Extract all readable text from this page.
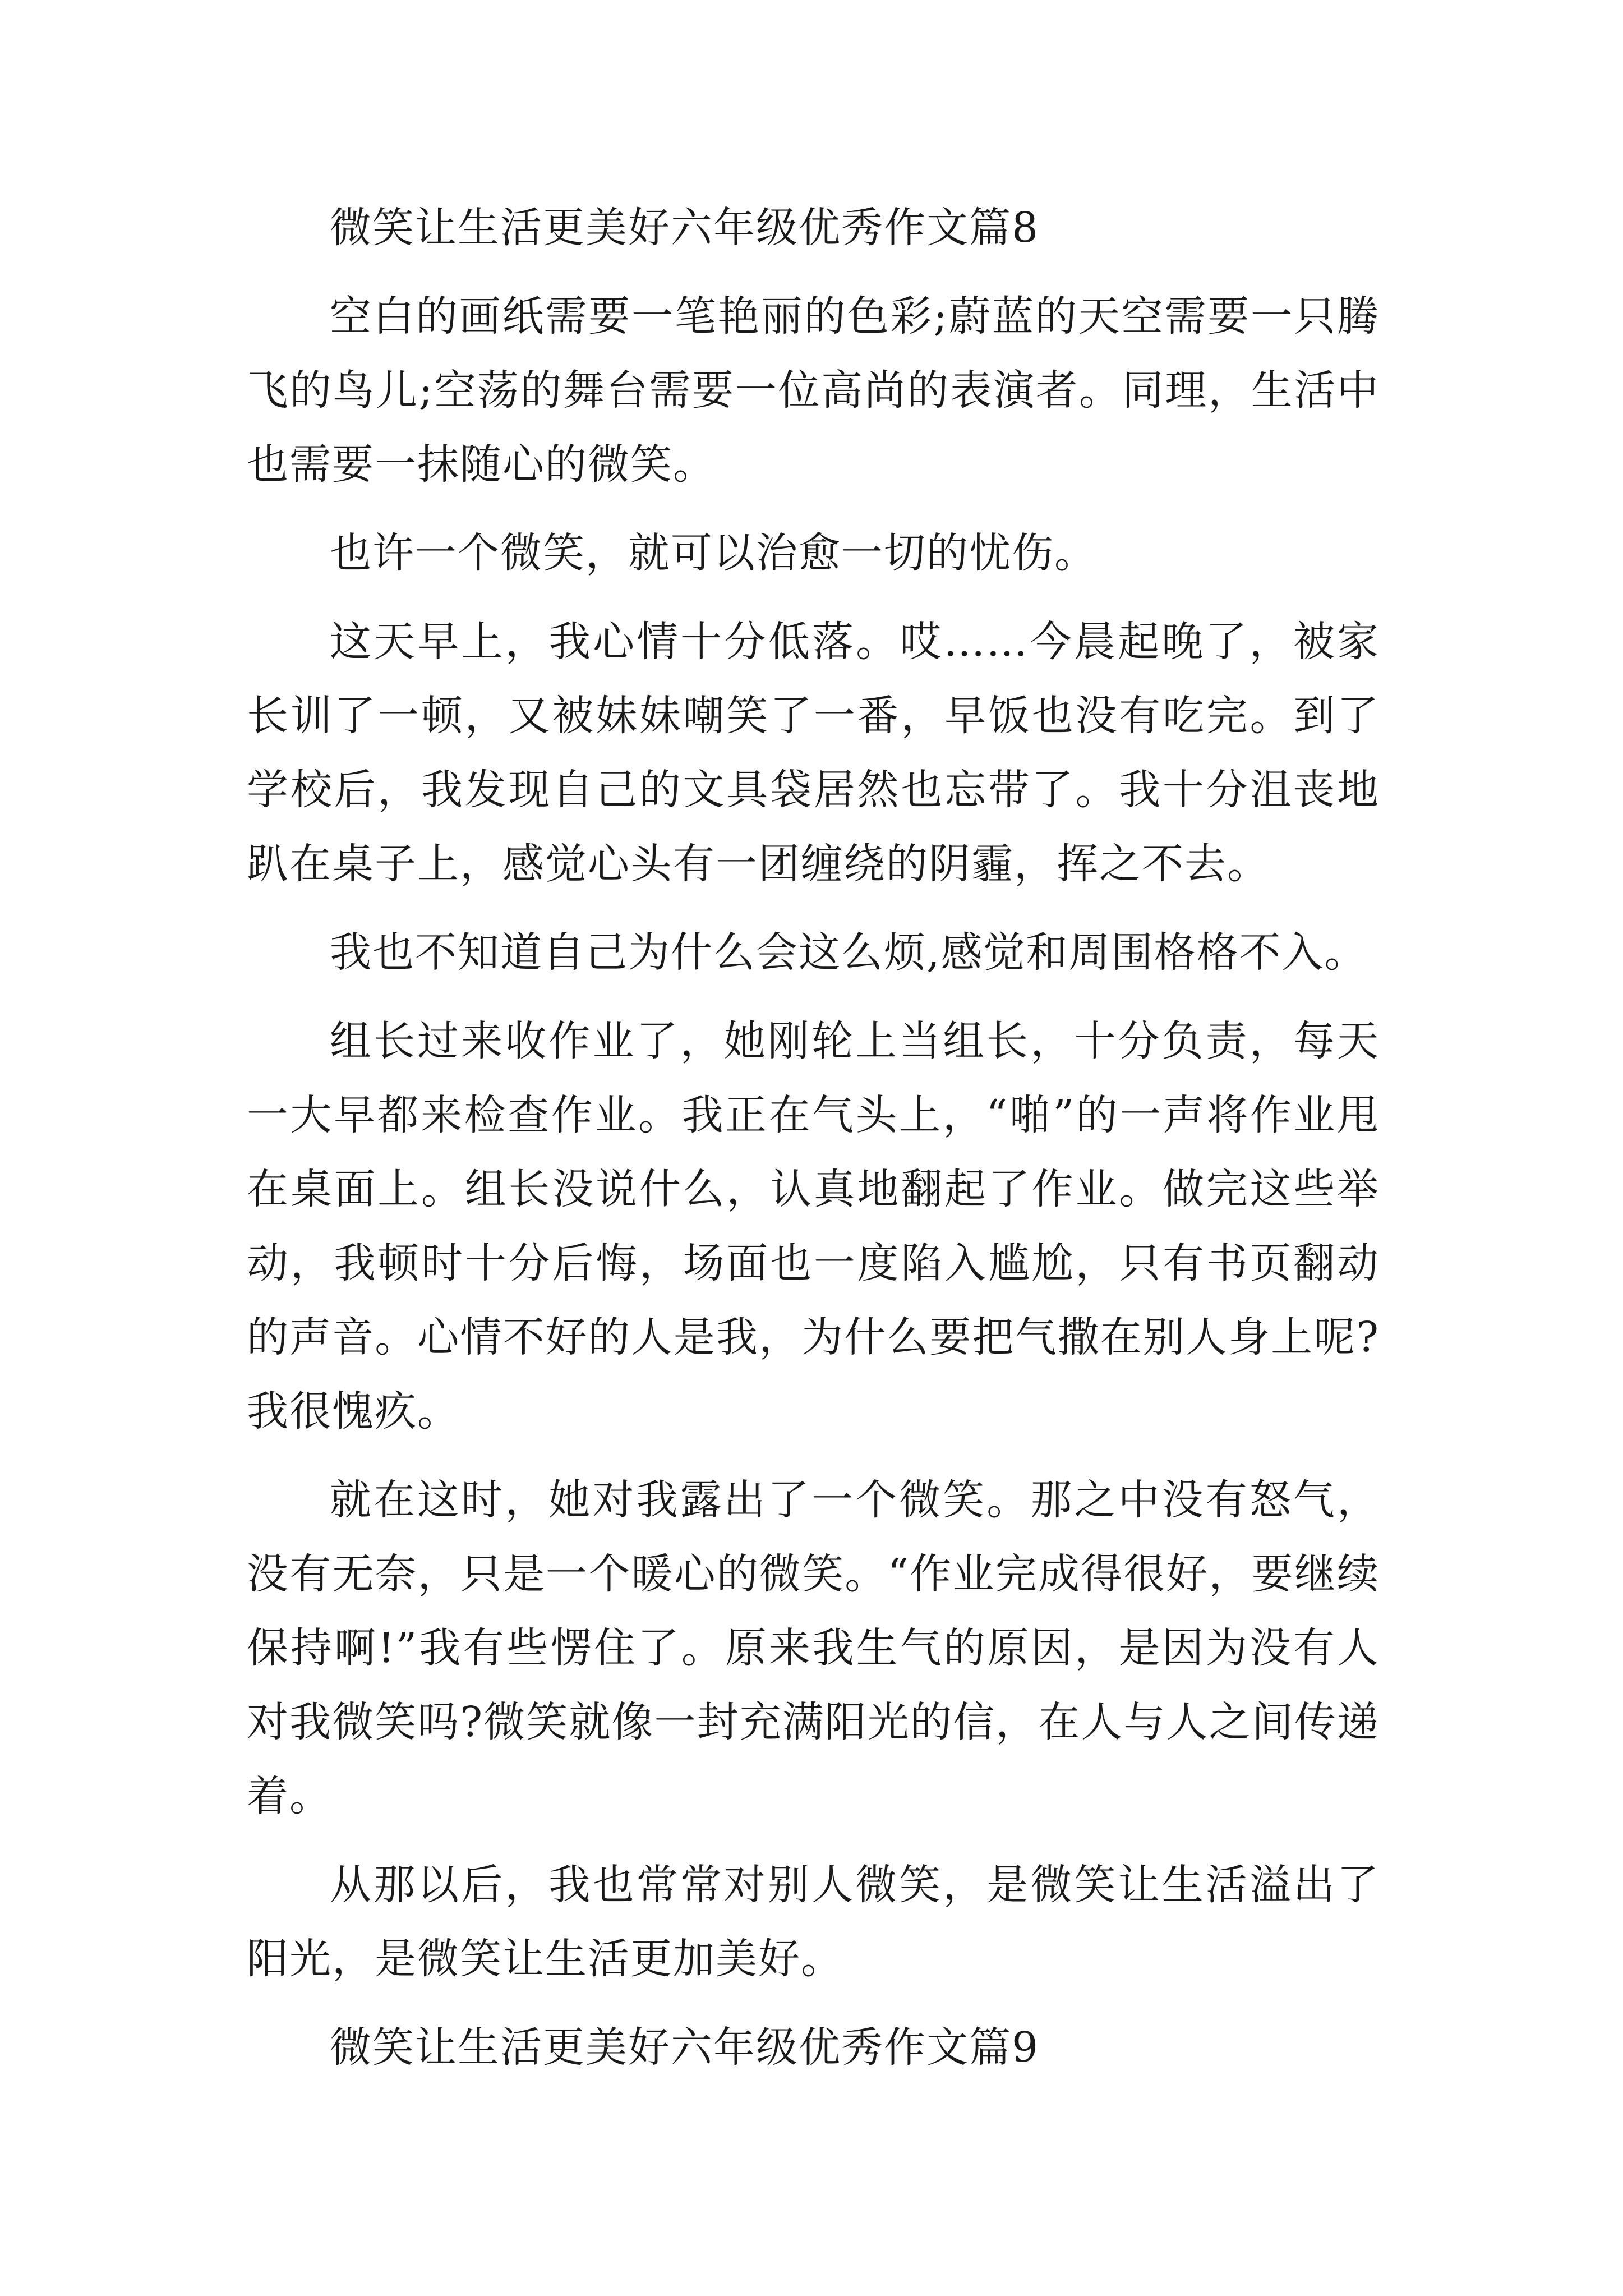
微笑让生活更美好六年级优秀作文篇8

空白的画纸需要一笔艳丽的色彩;蔚蓝的天空需要一只腾飞的鸟儿;空荡的舞台需要一位高尚的表演者。同理，生活中也需要一抹随心的微笑。

也许一个微笑，就可以治愈一切的忧伤。

这天早上，我心情十分低落。哎……今晨起晚了，被家长训了一顿，又被妹妹嘲笑了一番，早饭也没有吃完。到了学校后，我发现自己的文具袋居然也忘带了。我十分沮丧地趴在桌子上，感觉心头有一团缠绕的阴霾，挥之不去。

我也不知道自己为什么会这么烦,感觉和周围格格不入。

组长过来收作业了，她刚轮上当组长，十分负责，每天一大早都来检查作业。我正在气头上，“啪”的一声将作业甩在桌面上。组长没说什么，认真地翻起了作业。做完这些举动，我顿时十分后悔，场面也一度陷入尴尬，只有书页翻动的声音。心情不好的人是我，为什么要把气撒在别人身上呢?我很愧疚。

就在这时，她对我露出了一个微笑。那之中没有怒气，没有无奈，只是一个暖心的微笑。“作业完成得很好，要继续保持啊!”我有些愣住了。原来我生气的原因，是因为没有人对我微笑吗?微笑就像一封充满阳光的信，在人与人之间传递着。

从那以后，我也常常对别人微笑，是微笑让生活溢出了阳光，是微笑让生活更加美好。

微笑让生活更美好六年级优秀作文篇9
